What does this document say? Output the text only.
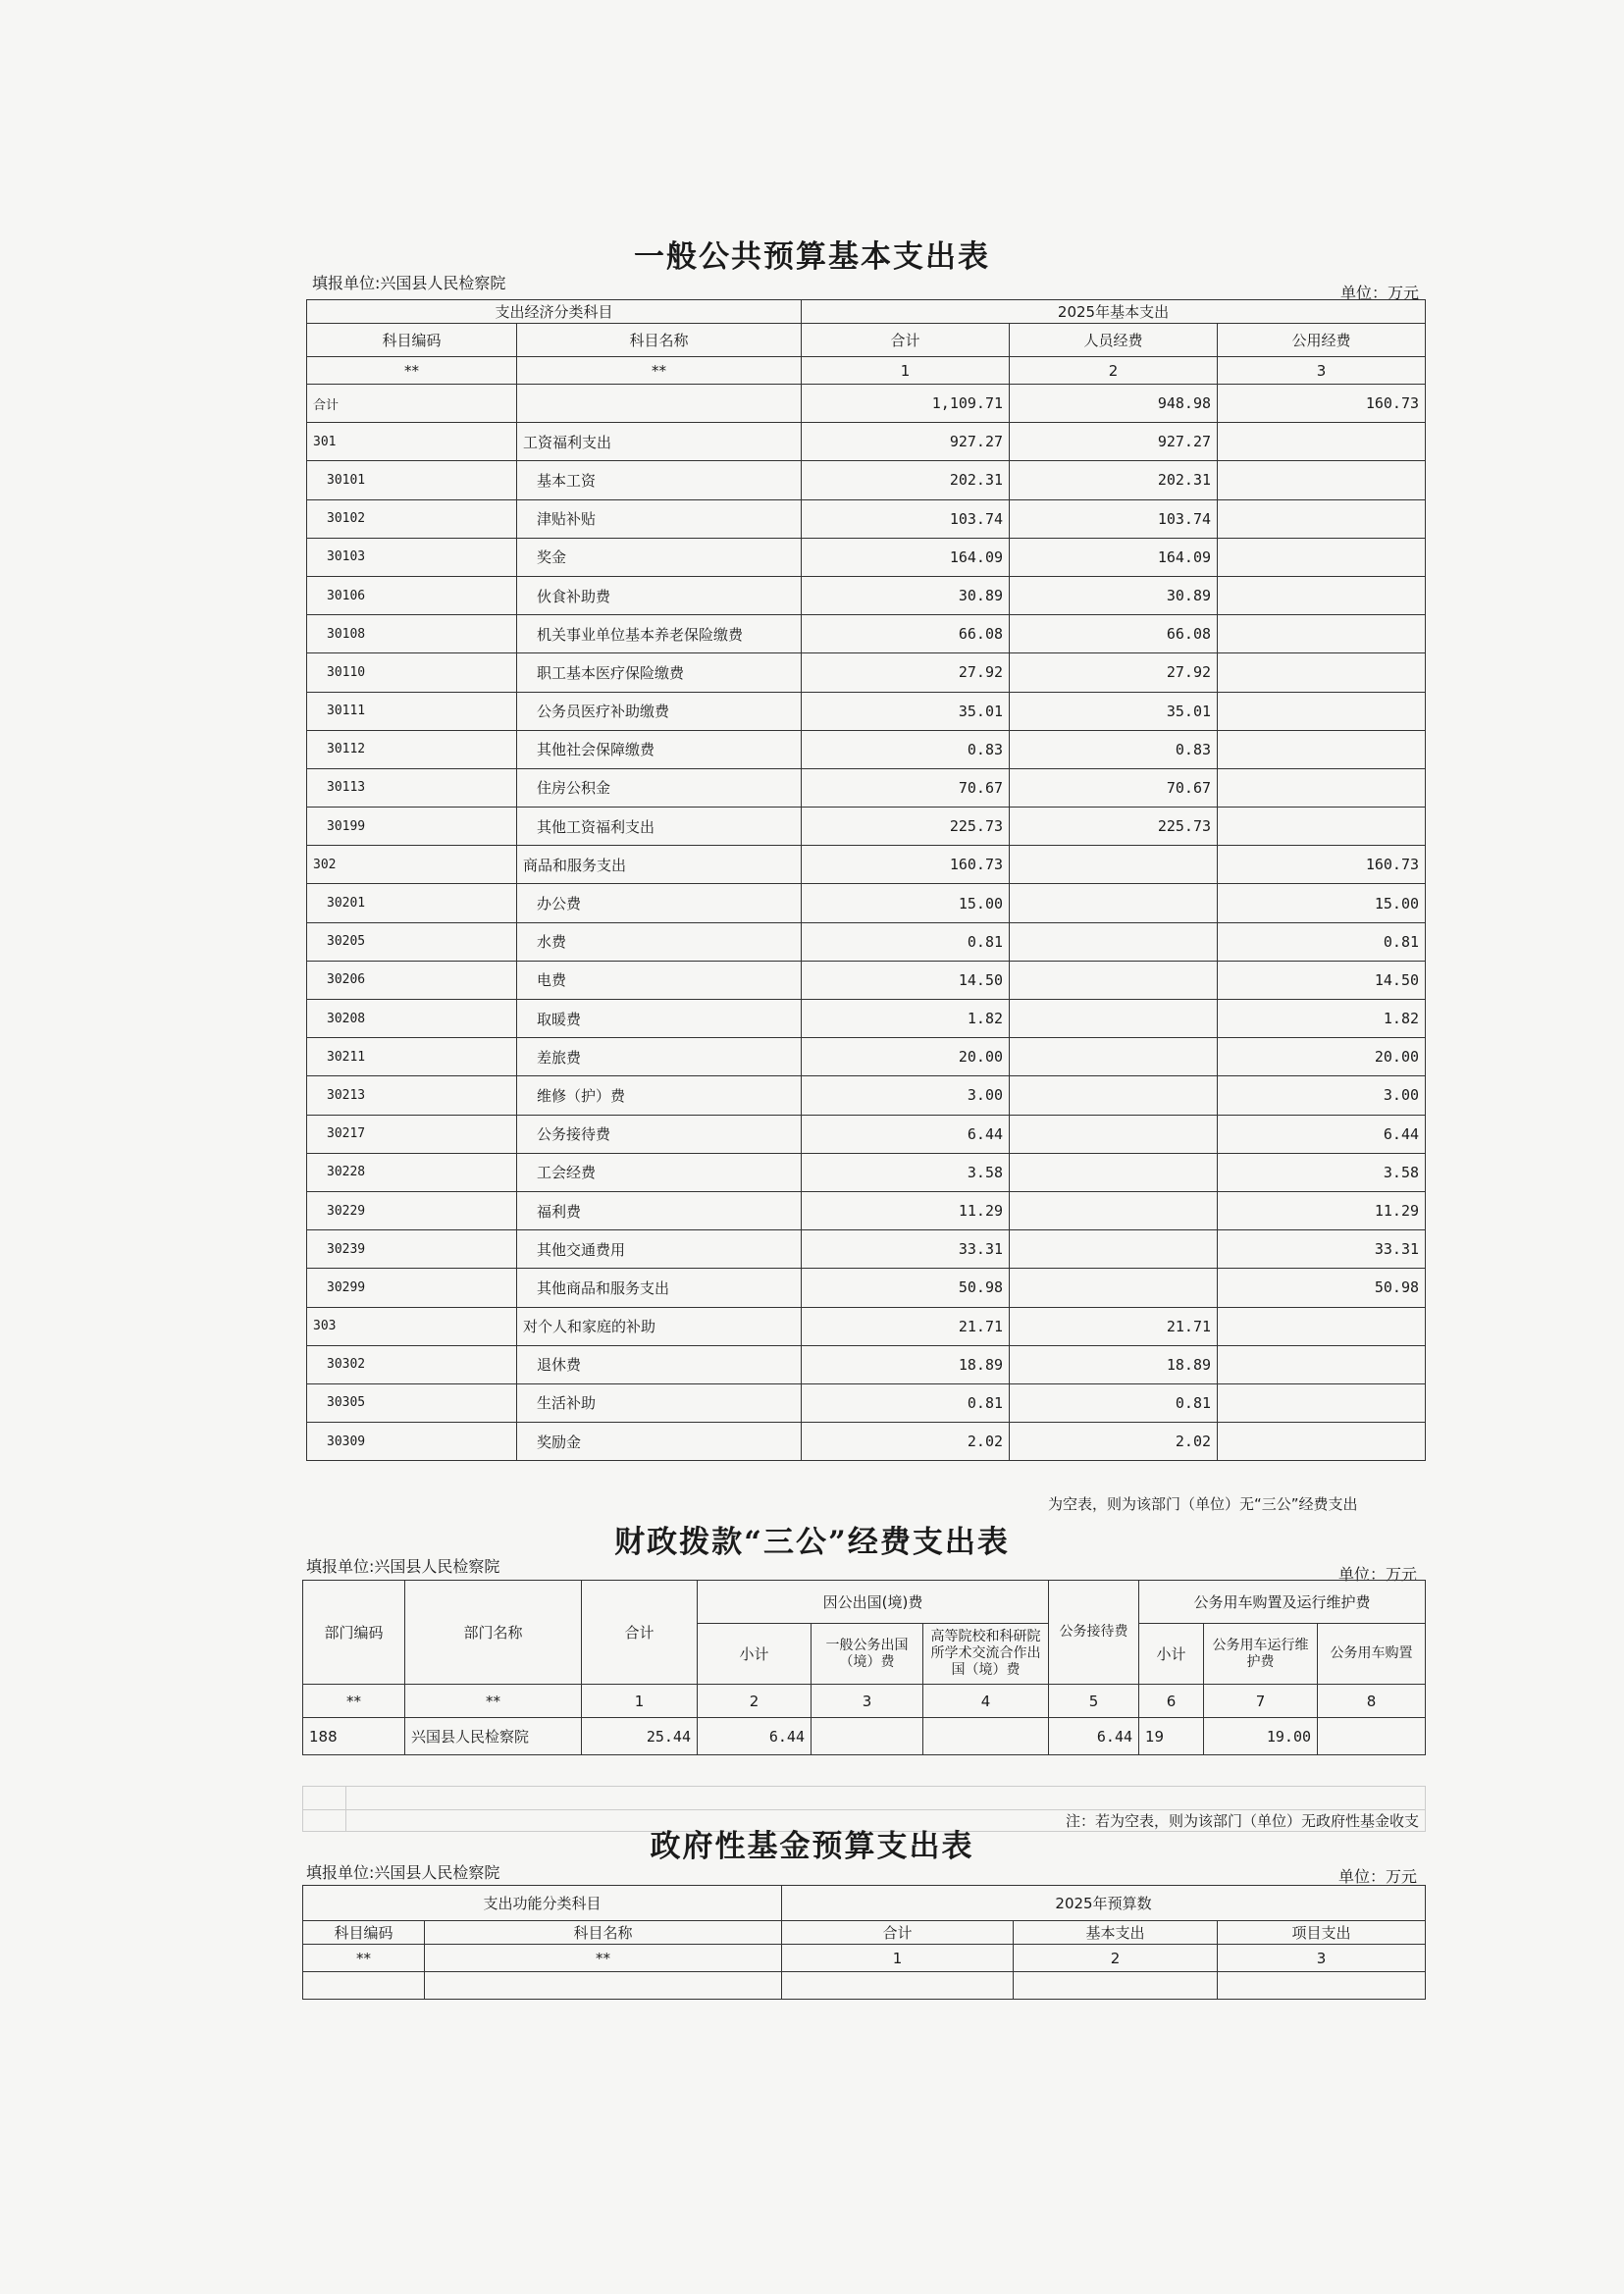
一般公共预算基本支出表
填报单位:兴国县人民检察院
单位：万元
支出经济分类科目		2025年基本支出		
科目编码	科目名称	合计	人员经费	公用经费
**	**	1	2	3
合计		1,109.71	948.98	160.73
301	工资福利支出	927.27	927.27	
30101	基本工资	202.31	202.31	
30102	津贴补贴	103.74	103.74	
30103	奖金	164.09	164.09	
30106	伙食补助费	30.89	30.89	
30108	机关事业单位基本养老保险缴费	66.08	66.08	
30110	职工基本医疗保险缴费	27.92	27.92	
30111	公务员医疗补助缴费	35.01	35.01	
30112	其他社会保障缴费	0.83	0.83	
30113	住房公积金	70.67	70.67	
30199	其他工资福利支出	225.73	225.73	
302	商品和服务支出	160.73		160.73
30201	办公费	15.00		15.00
30205	水费	0.81		0.81
30206	电费	14.50		14.50
30208	取暖费	1.82		1.82
30211	差旅费	20.00		20.00
30213	维修（护）费	3.00		3.00
30217	公务接待费	6.44		6.44
30228	工会经费	3.58		3.58
30229	福利费	11.29		11.29
30239	其他交通费用	33.31		33.31
30299	其他商品和服务支出	50.98		50.98
303	对个人和家庭的补助	21.71	21.71	
30302	退休费	18.89	18.89	
30305	生活补助	0.81	0.81	
30309	奖励金	2.02	2.02	
为空表，则为该部门（单位）无“三公”经费支出
财政拨款“三公”经费支出表
填报单位:兴国县人民检察院	单位：万元
部门编码	部门名称	合计	因公出国(境)费			公务接待费	公务用车购置及运行维护费		
			小计	一般公务出国（境）费	高等院校和科研院所学术交流合作出国（境）费		小计	公务用车运行维护费	公务用车购置
**	**	1	2	3	4	5	6	7	8
188	兴国县人民检察院	25.44	6.44			6.44	19	19.00	

	注：若为空表，则为该部门（单位）无政府性基金收支
政府性基金预算支出表
填报单位:兴国县人民检察院	单位：万元
支出功能分类科目		2025年预算数		
科目编码	科目名称	合计	基本支出	项目支出
**	**	1	2	3
